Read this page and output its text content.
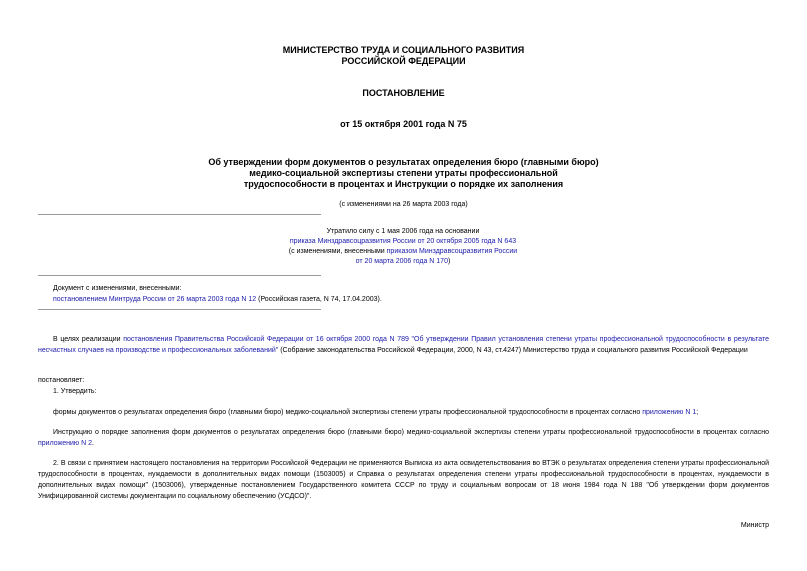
МИНИСТЕРСТВО ТРУДА И СОЦИАЛЬНОГО РАЗВИТИЯ
РОССИЙСКОЙ ФЕДЕРАЦИИ
ПОСТАНОВЛЕНИЕ
от 15 октября 2001 года N 75
Об утверждении форм документов о результатах определения бюро (главными бюро)
медико-социальной экспертизы степени утраты профессиональной
трудоспособности в процентах и Инструкции о порядке их заполнения
(с изменениями на 26 марта 2003 года)
Утратило силу с 1 мая 2006 года на основании
приказа Минздравсоцразвития России от 20 октября 2005 года N 643
(с изменениями, внесенными приказом Минздравсоцразвития России
от 20 марта 2006 года N 170)
Документ с изменениями, внесенными:
постановлением Минтруда России от 26 марта 2003 года N 12 (Российская газета, N 74, 17.04.2003).
В целях реализации постановления Правительства Российской Федерации от 16 октября 2000 года N 789 "Об утверждении Правил установления степени утраты профессиональной трудоспособности в результате несчастных случаев на производстве и профессиональных заболеваний" (Собрание законодательства Российской Федерации, 2000, N 43, ст.4247) Министерство труда и социального развития Российской Федерации
постановляет:
1. Утвердить:
формы документов о результатах определения бюро (главными бюро) медико-социальной экспертизы степени утраты профессиональной трудоспособности в процентах согласно приложению N 1;
Инструкцию о порядке заполнения форм документов о результатах определения бюро (главными бюро) медико-социальной экспертизы степени утраты профессиональной трудоспособности в процентах согласно приложению N 2.
2. В связи с принятием настоящего постановления на территории Российской Федерации не применяются Выписка из акта освидетельствования во ВТЭК о результатах определения степени утраты профессиональной трудоспособности в процентах, нуждаемости в дополнительных видах помощи (1503005) и Справка о результатах определения степени утраты профессиональной трудоспособности в процентах, нуждаемости в дополнительных видах помощи" (1503006), утвержденные постановлением Государственного комитета СССР по труду и социальным вопросам от 18 июня 1984 года N 188 "Об утверждении форм документов Унифицированной системы документации по социальному обеспечению (УСДСО)".
Министр
